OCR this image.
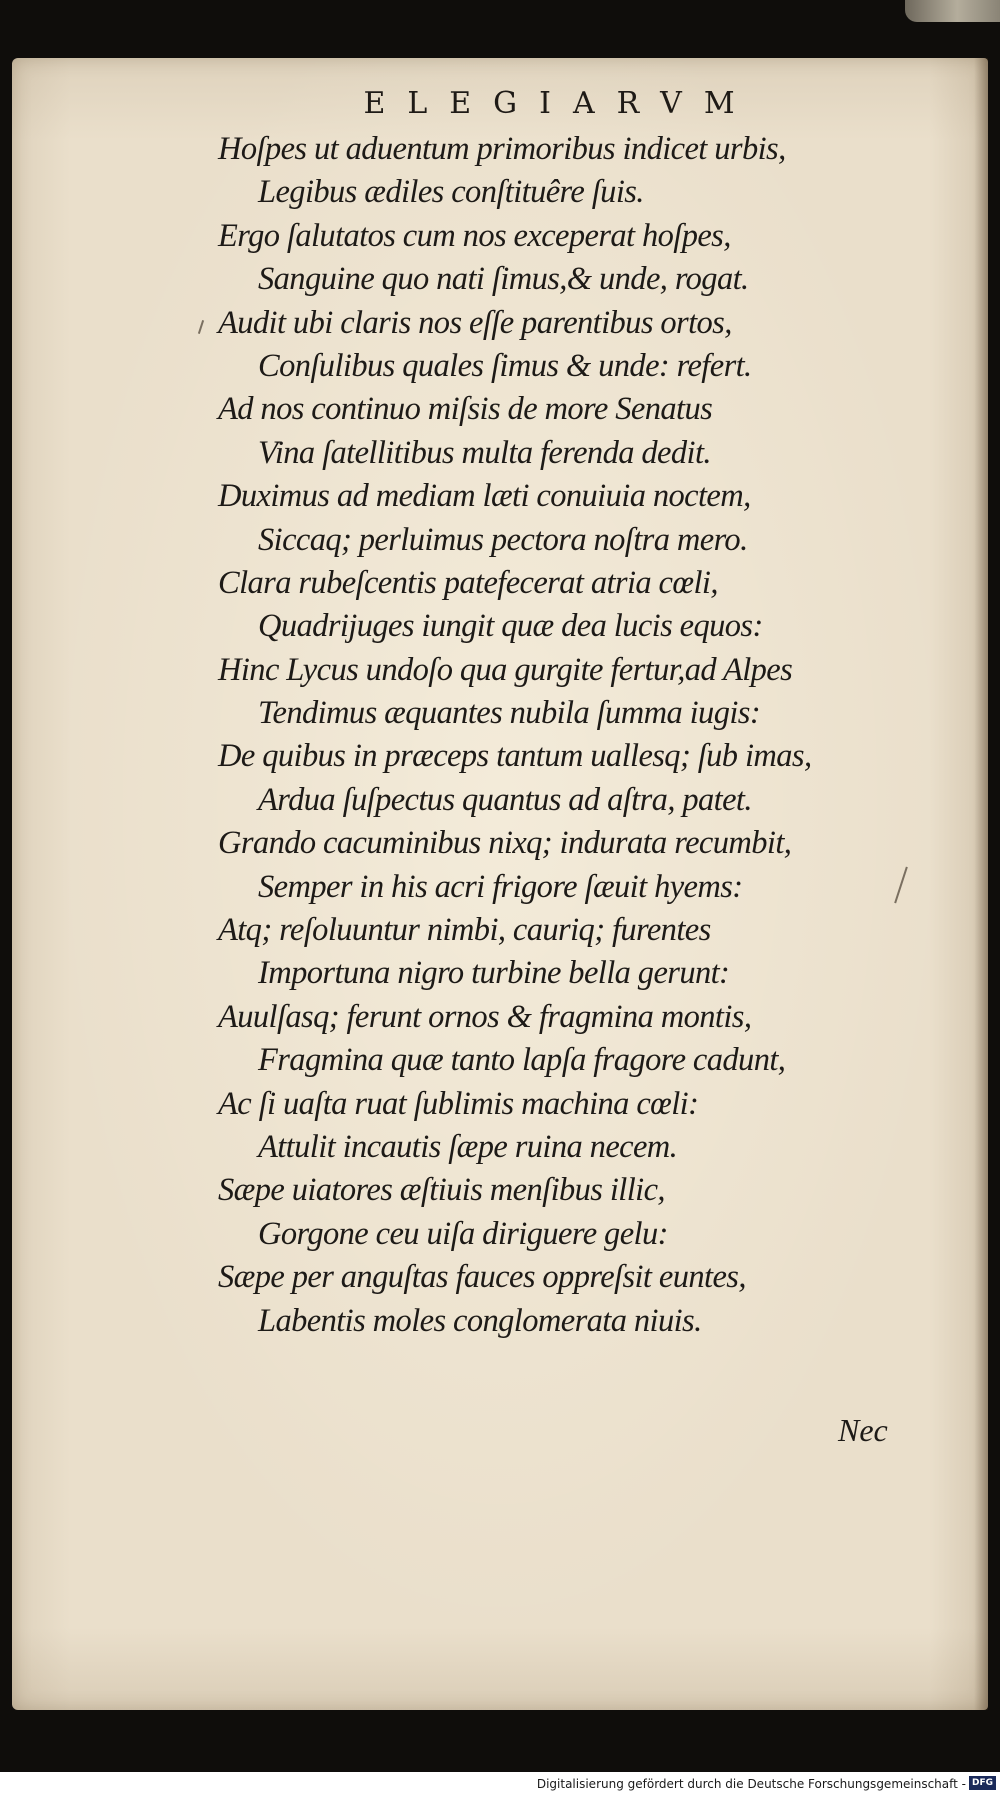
ELEGIARVM
Hoſpes ut aduentum primoribus indicet urbis,
Legibus ædiles conſtituêre ſuis.
Ergo ſalutatos cum nos exceperat hoſpes,
Sanguine quo nati ſimus,& unde, rogat.
Audit ubi claris nos eſſe parentibus ortos,
Conſulibus quales ſimus & unde: refert.
Ad nos continuo miſsis de more Senatus
Vina ſatellitibus multa ferenda dedit.
Duximus ad mediam læti conuiuia noctem,
Siccaq; perluimus pectora noſtra mero.
Clara rubeſcentis patefecerat atria cœli,
Quadrijuges iungit quæ dea lucis equos:
Hinc Lycus undoſo qua gurgite fertur,ad Alpes
Tendimus æquantes nubila ſumma iugis:
De quibus in præceps tantum uallesq; ſub imas,
Ardua ſuſpectus quantus ad aſtra, patet.
Grando cacuminibus nixq; indurata recumbit,
Semper in his acri frigore ſæuit hyems:
Atq; reſoluuntur nimbi, cauriq; furentes
Importuna nigro turbine bella gerunt:
Auulſasq; ferunt ornos & fragmina montis,
Fragmina quæ tanto lapſa fragore cadunt,
Ac ſi uaſta ruat ſublimis machina cœli:
Attulit incautis ſæpe ruina necem.
Sæpe uiatores æſtiuis menſibus illic,
Gorgone ceu uiſa diriguere gelu:
Sæpe per anguſtas fauces oppreſsit euntes,
Labentis moles conglomerata niuis.
Nec
Digitalisierung gefördert durch die Deutsche Forschungsgemeinschaft - DFG
